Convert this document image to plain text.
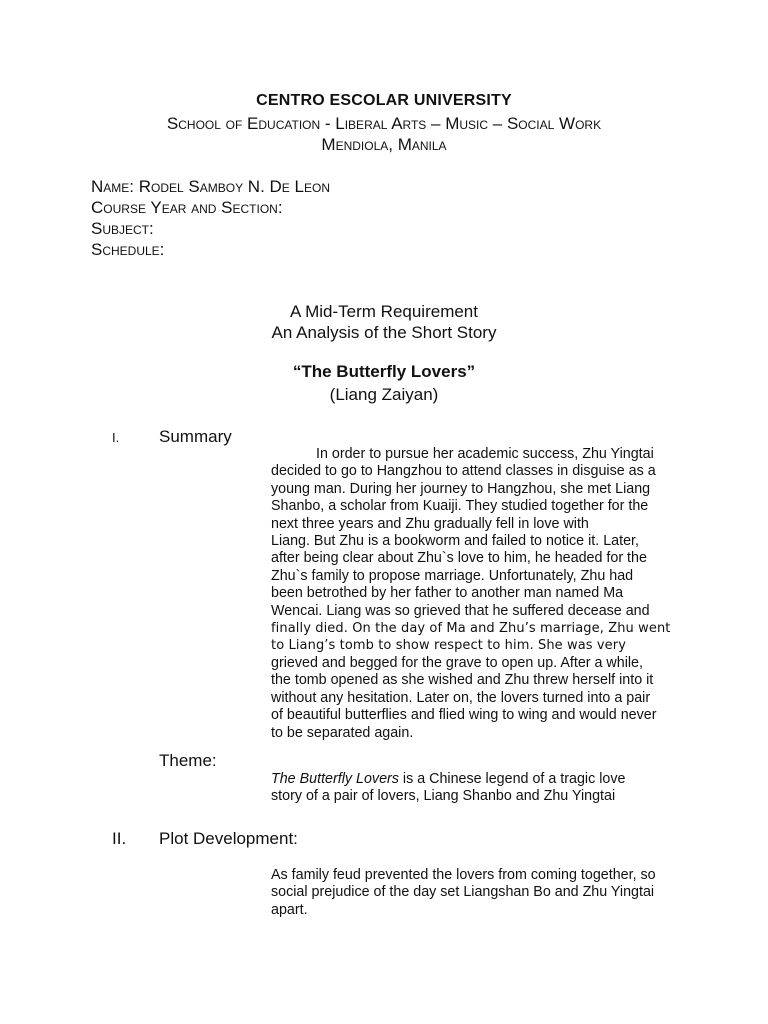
CENTRO ESCOLAR UNIVERSITY
School of Education - Liberal Arts – Music – Social Work
Mendiola, Manila
Name: Rodel Samboy N. De Leon
Course Year and Section:
Subject:
Schedule:
A Mid-Term Requirement
An Analysis of the Short Story
“The Butterfly Lovers”
(Liang Zaiyan)
I. Summary

In order to pursue her academic success, Zhu Yingtai

decided to go to Hangzhou to attend classes in disguise as a

young man. During her journey to Hangzhou, she met Liang

Shanbo, a scholar from Kuaiji. They studied together for the

next three years and Zhu gradually fell in love with

Liang. But Zhu is a bookworm and failed to notice it. Later,

after being clear about Zhu`s love to him, he headed for the

Zhu`s family to propose marriage. Unfortunately, Zhu had

been betrothed by her father to another man named Ma

Wencai. Liang was so grieved that he suffered decease and

finally died. On the day of Ma and Zhu’s marriage, Zhu went

to Liang’s tomb to show respect to him. She was very

grieved and begged for the grave to open up. After a while,

the tomb opened as she wished and Zhu threw herself into it

without any hesitation. Later on, the lovers turned into a pair

of beautiful butterflies and flied wing to wing and would never

to be separated again.

Theme:

The Butterfly Lovers is a Chinese legend of a tragic love

story of a pair of lovers, Liang Shanbo and Zhu Yingtai

II. Plot Development:

As family feud prevented the lovers from coming together, so

social prejudice of the day set Liangshan Bo and Zhu Yingtai

apart.
